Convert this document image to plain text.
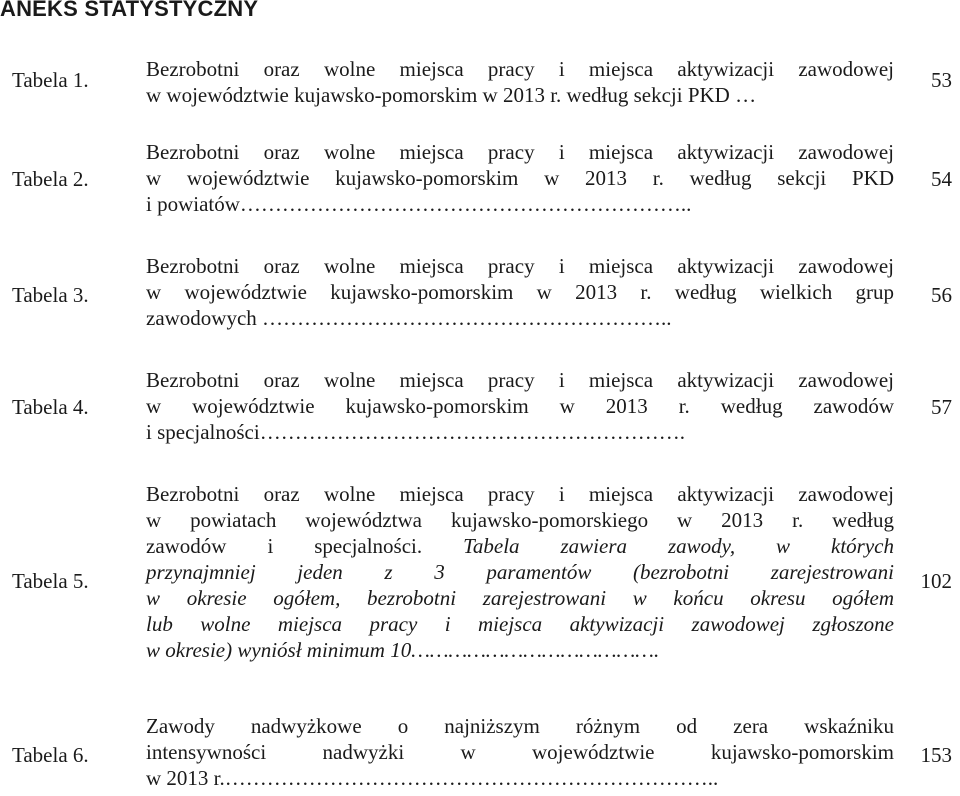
ANEKS STATYSTYCZNY
Tabela 1.	Bezrobotni oraz wolne miejsca pracy i miejsca aktywizacji zawodowej
w województwie kujawsko-pomorskim w 2013 r. według sekcji PKD …
53
Tabela 2.
Bezrobotni oraz wolne miejsca pracy i miejsca aktywizacji zawodowej
w województwie kujawsko-pomorskim w 2013 r. według sekcji PKD
i powiatów………………………………………………………..
54
Tabela 3.
Bezrobotni oraz wolne miejsca pracy i miejsca aktywizacji zawodowej
w województwie kujawsko-pomorskim w 2013 r. według wielkich grup
zawodowych …………………………………………………..
56
Tabela 4.
Bezrobotni oraz wolne miejsca pracy i miejsca aktywizacji zawodowej
w województwie kujawsko-pomorskim w 2013 r. według zawodów
i specjalności…………………………………………………….
57
Tabela 5.
Bezrobotni oraz wolne miejsca pracy i miejsca aktywizacji zawodowej
w powiatach województwa kujawsko-pomorskiego w 2013 r. według
zawodów i specjalności. Tabela zawiera zawody, w których
przynajmniej jeden z 3 paramentów (bezrobotni zarejestrowani
w okresie ogółem, bezrobotni zarejestrowani w końcu okresu ogółem
lub wolne miejsca pracy i miejsca aktywizacji zawodowej zgłoszone
w okresie) wyniósł minimum 10………………………………….
102
Tabela 6.
Zawody nadwyżkowe o najniższym różnym od zera wskaźniku
intensywności nadwyżki w województwie kujawsko-pomorskim
w 2013 r.……………………………………………………………..
153
